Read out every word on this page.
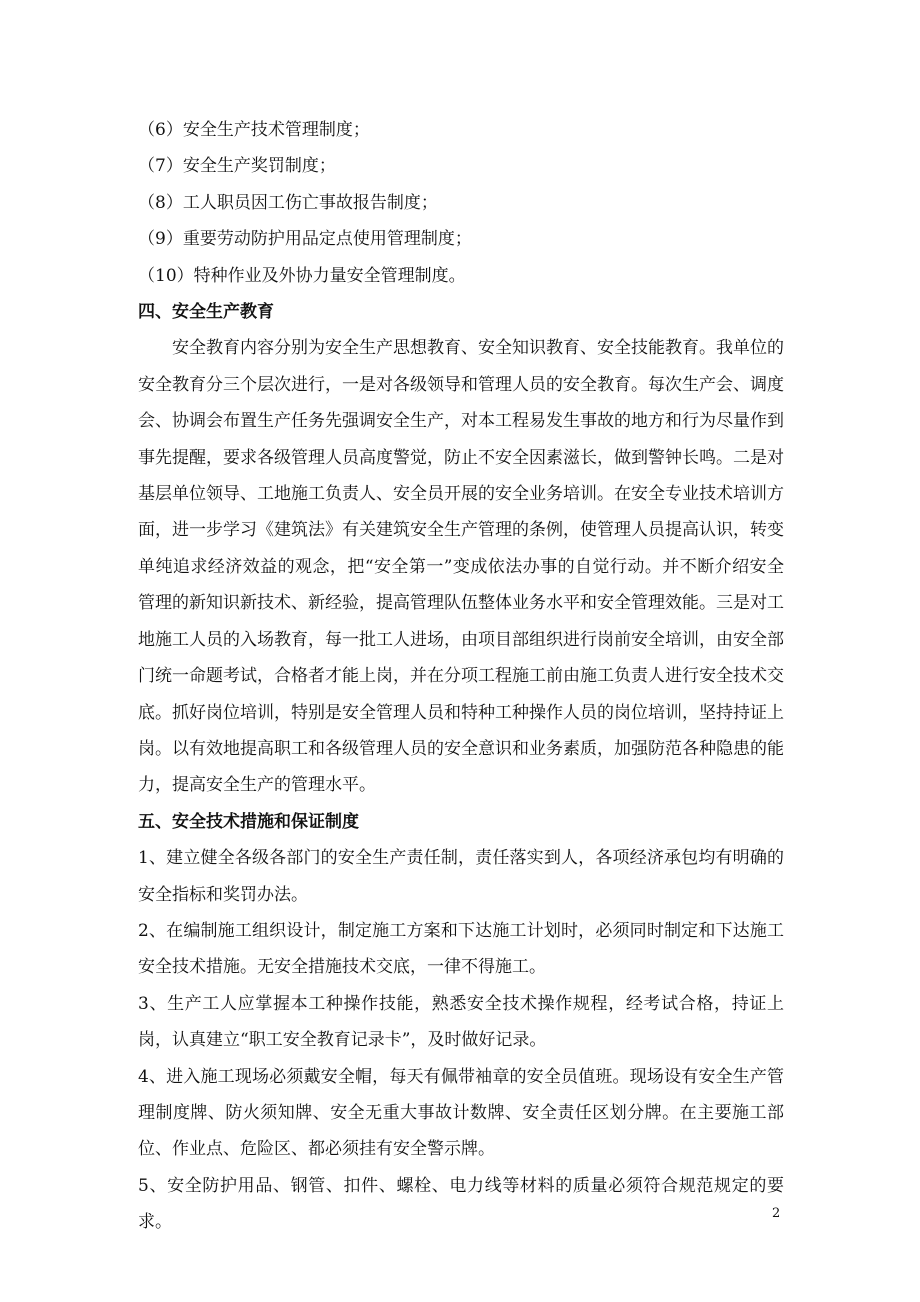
（6）安全生产技术管理制度；

（7）安全生产奖罚制度；

（8）工人职员因工伤亡事故报告制度；

（9）重要劳动防护用品定点使用管理制度；

（10）特种作业及外协力量安全管理制度。

四、安全生产教育

安全教育内容分别为安全生产思想教育、安全知识教育、安全技能教育。我单位的安全教育分三个层次进行，一是对各级领导和管理人员的安全教育。每次生产会、调度会、协调会布置生产任务先强调安全生产，对本工程易发生事故的地方和行为尽量作到事先提醒，要求各级管理人员高度警觉，防止不安全因素滋长，做到警钟长鸣。二是对基层单位领导、工地施工负责人、安全员开展的安全业务培训。在安全专业技术培训方面，进一步学习《建筑法》有关建筑安全生产管理的条例，使管理人员提高认识，转变单纯追求经济效益的观念，把“安全第一”变成依法办事的自觉行动。并不断介绍安全管理的新知识新技术、新经验，提高管理队伍整体业务水平和安全管理效能。三是对工地施工人员的入场教育，每一批工人进场，由项目部组织进行岗前安全培训，由安全部门统一命题考试，合格者才能上岗，并在分项工程施工前由施工负责人进行安全技术交底。抓好岗位培训，特别是安全管理人员和特种工种操作人员的岗位培训，坚持持证上岗。以有效地提高职工和各级管理人员的安全意识和业务素质，加强防范各种隐患的能力，提高安全生产的管理水平。

五、安全技术措施和保证制度

1、建立健全各级各部门的安全生产责任制，责任落实到人，各项经济承包均有明确的安全指标和奖罚办法。

2、在编制施工组织设计，制定施工方案和下达施工计划时，必须同时制定和下达施工安全技术措施。无安全措施技术交底，一律不得施工。

3、生产工人应掌握本工种操作技能，熟悉安全技术操作规程，经考试合格，持证上岗，认真建立“职工安全教育记录卡”，及时做好记录。

4、进入施工现场必须戴安全帽，每天有佩带袖章的安全员值班。现场设有安全生产管理制度牌、防火须知牌、安全无重大事故计数牌、安全责任区划分牌。在主要施工部位、作业点、危险区、都必须挂有安全警示牌。

5、安全防护用品、钢管、扣件、螺栓、电力线等材料的质量必须符合规范规定的要求。	2
